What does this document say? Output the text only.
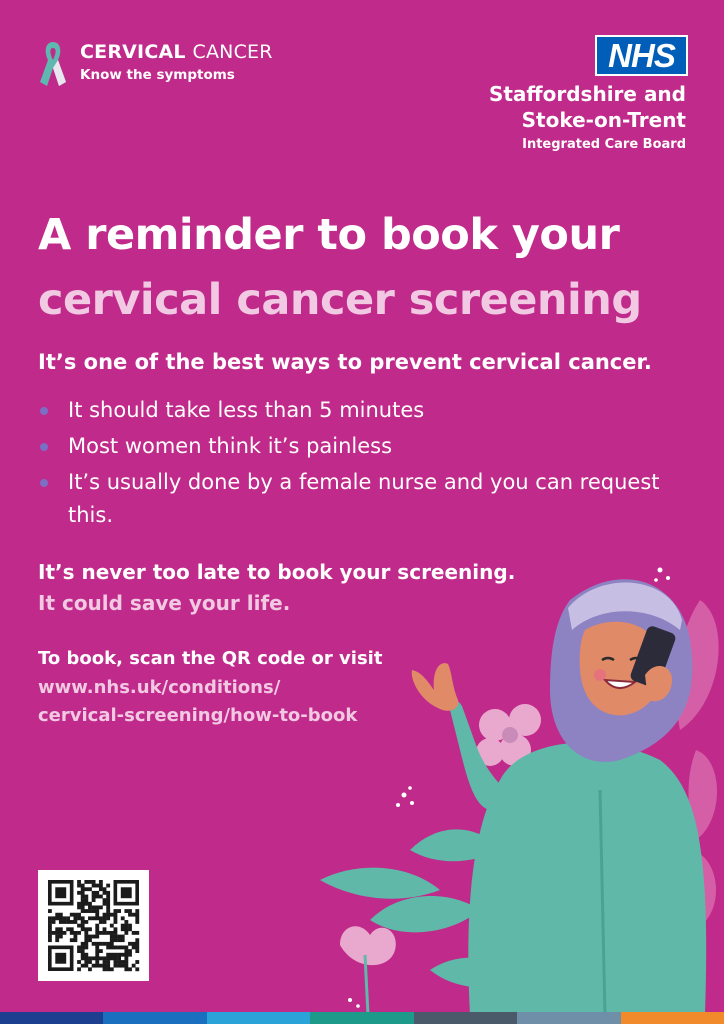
CERVICAL CANCER
Know the symptoms
NHS
Staffordshire and
Stoke-on-Trent
Integrated Care Board
A reminder to book your
cervical cancer screening
It’s one of the best ways to prevent cervical cancer.
It should take less than 5 minutes
Most women think it’s painless
It’s usually done by a female nurse and you can request this.
It’s never too late to book your screening.
It could save your life.
To book, scan the QR code or visit
www.nhs.uk/conditions/
cervical-screening/how-to-book
